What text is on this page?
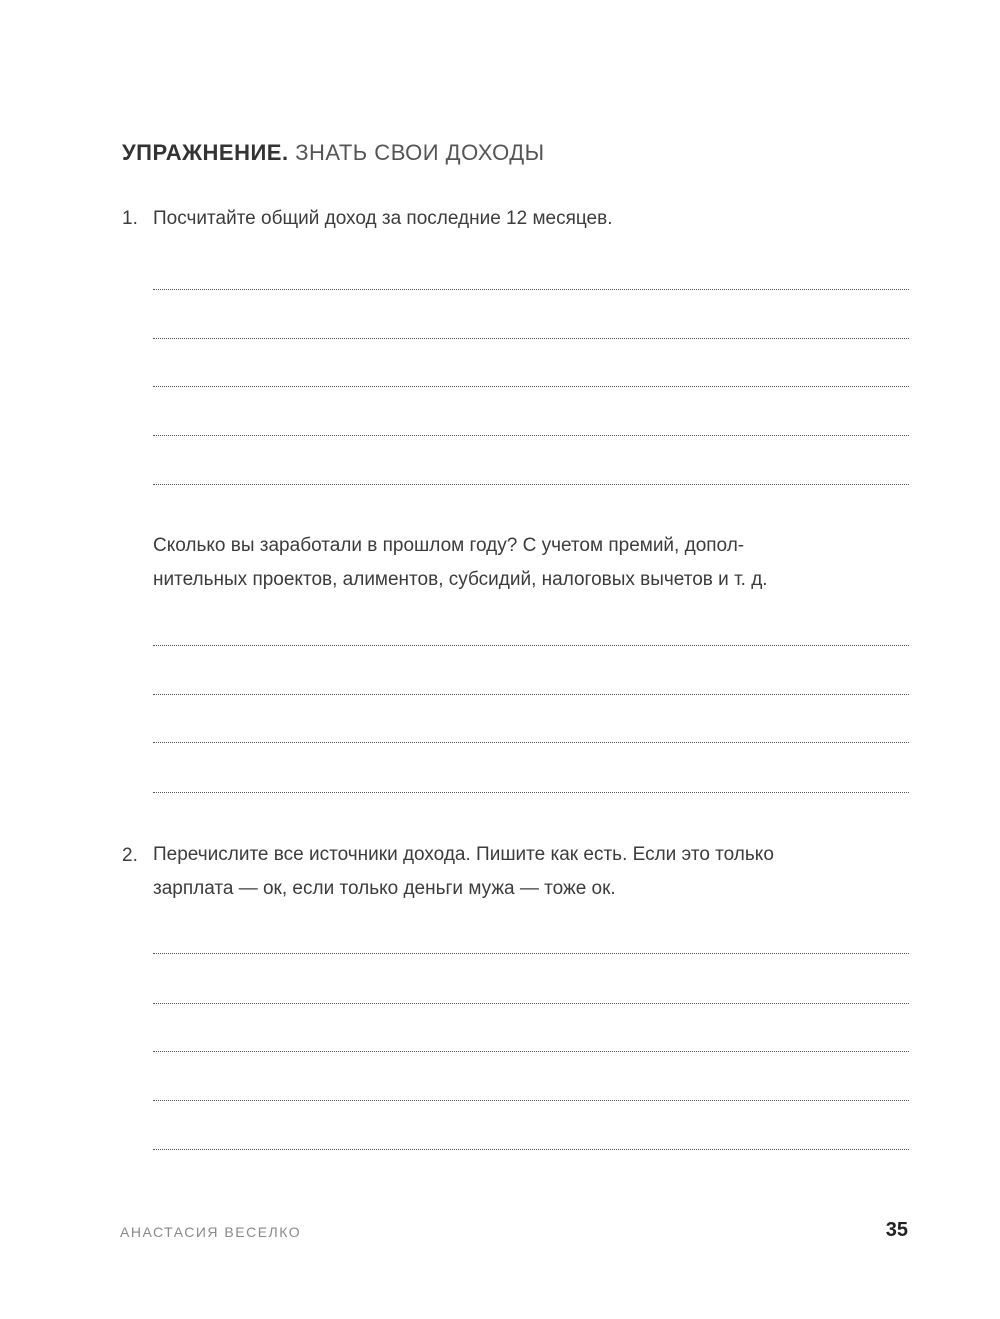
УПРАЖНЕНИЕ. ЗНАТЬ СВОИ ДОХОДЫ
1. Посчитайте общий доход за последние 12 месяцев.
Сколько вы заработали в прошлом году? С учетом премий, допол-
нительных проектов, алиментов, субсидий, налоговых вычетов и т. д.
2. Перечислите все источники дохода. Пишите как есть. Если это только
зарплата — ок, если только деньги мужа — тоже ок.
АНАСТАСИЯ ВЕСЕЛКО	35
